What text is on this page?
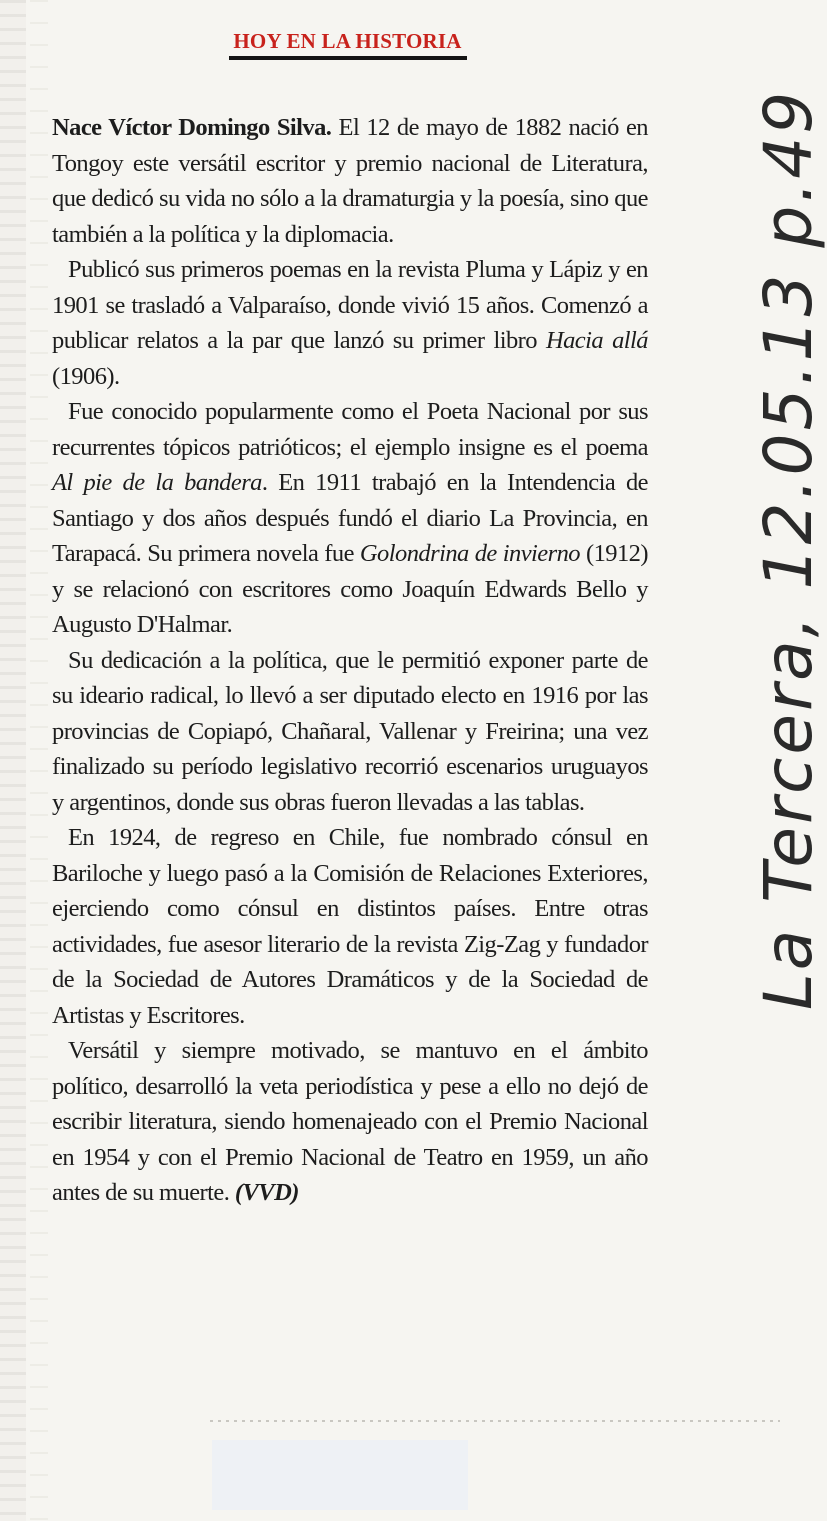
HOY EN LA HISTORIA

Nace Víctor Domingo Silva. El 12 de mayo de 1882 nació en Tongoy este versátil escritor y premio nacional de Literatura, que dedicó su vida no sólo a la dramaturgia y la poesía, sino que también a la política y la diplomacia.

Publicó sus primeros poemas en la revista Pluma y Lápiz y en 1901 se trasladó a Valparaíso, donde vivió 15 años. Comenzó a publicar relatos a la par que lanzó su primer libro Hacia allá (1906).

Fue conocido popularmente como el Poeta Nacional por sus recurrentes tópicos patrióticos; el ejemplo insigne es el poema Al pie de la bandera. En 1911 trabajó en la Intendencia de Santiago y dos años después fundó el diario La Provincia, en Tarapacá. Su primera novela fue Golondrina de invierno (1912) y se relacionó con escritores como Joaquín Edwards Bello y Augusto D'Halmar.

Su dedicación a la política, que le permitió exponer parte de su ideario radical, lo llevó a ser diputado electo en 1916 por las provincias de Copiapó, Chañaral, Vallenar y Freirina; una vez finalizado su período legislativo recorrió escenarios uruguayos y argentinos, donde sus obras fueron llevadas a las tablas.

En 1924, de regreso en Chile, fue nombrado cónsul en Bariloche y luego pasó a la Comisión de Relaciones Exteriores, ejerciendo como cónsul en distintos países. Entre otras actividades, fue asesor literario de la revista Zig-Zag y fundador de la Sociedad de Autores Dramáticos y de la Sociedad de Artistas y Escritores.

Versátil y siempre motivado, se mantuvo en el ámbito político, desarrolló la veta periodística y pese a ello no dejó de escribir literatura, siendo homenajeado con el Premio Nacional en 1954 y con el Premio Nacional de Teatro en 1959, un año antes de su muerte. (VVD)

La Tercera, 12.05.13 p.49
